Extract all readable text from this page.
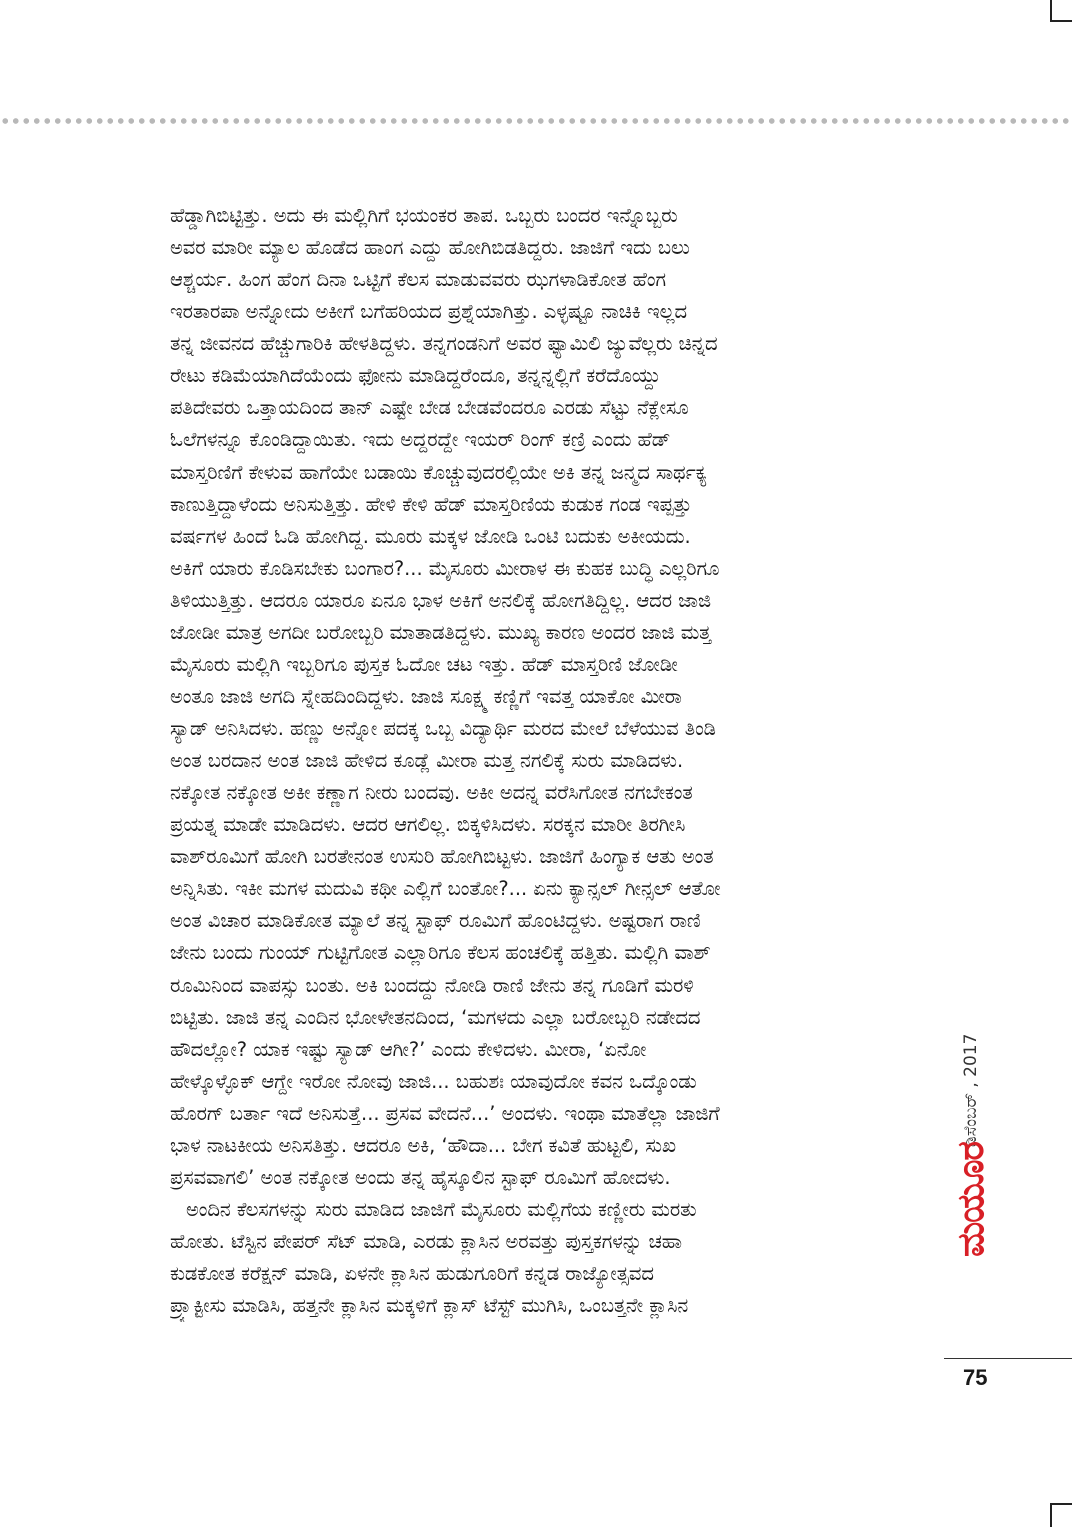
ಹೆಡ್ಡಾಗಿಬಿಟ್ಟಿತ್ತು. ಅದು ಈ ಮಲ್ಲಿಗಿಗೆ ಭಯಂಕರ ತಾಪ. ಒಬ್ಬರು ಬಂದರ ಇನ್ನೊಬ್ಬರು
ಅವರ ಮಾರೀ ಮ್ಯಾಲ ಹೊಡೆದ ಹಾಂಗ ಎದ್ದು ಹೋಗಿಬಿಡತಿದ್ದರು. ಜಾಜಿಗೆ ಇದು ಬಲು
ಆಶ್ಚರ್ಯ. ಹಿಂಗ ಹೆಂಗ ದಿನಾ ಒಟ್ಟಿಗೆ ಕೆಲಸ ಮಾಡುವವರು ಝಗಳಾಡಿಕೋತ ಹೆಂಗ
ಇರತಾರಪಾ ಅನ್ನೋದು ಅಕೀಗೆ ಬಗೆಹರಿಯದ ಪ್ರಶ್ನೆಯಾಗಿತ್ತು. ಎಳ್ಳಷ್ಟೂ ನಾಚಿಕಿ ಇಲ್ಲದ
ತನ್ನ ಜೀವನದ ಹೆಚ್ಚುಗಾರಿಕಿ ಹೇಳತಿದ್ದಳು. ತನ್ನಗಂಡನಿಗೆ ಅವರ ಫ್ಯಾಮಿಲಿ ಜ್ಯುವೆಲ್ಲರು ಚಿನ್ನದ
ರೇಟು ಕಡಿಮೆಯಾಗಿದೆಯೆಂದು ಫೋನು ಮಾಡಿದ್ದರೆಂದೂ, ತನ್ನನ್ನಲ್ಲಿಗೆ ಕರೆದೊಯ್ದು
ಪತಿದೇವರು ಒತ್ತಾಯದಿಂದ ತಾನ್ ಎಷ್ಟೇ ಬೇಡ ಬೇಡವೆಂದರೂ ಎರಡು ಸೆಟ್ಟು ನೆಕ್ಲೇಸೂ
ಓಲೆಗಳನ್ನೂ ಕೊಂಡಿದ್ದಾಯಿತು. ಇದು ಅದ್ದರದ್ದೇ ಇಯರ್ ರಿಂಗ್ ಕಣ್ರಿ ಎಂದು ಹೆಡ್
ಮಾಸ್ತರಿಣಿಗೆ ಕೇಳುವ ಹಾಗೆಯೇ ಬಡಾಯಿ ಕೊಚ್ಚುವುದರಲ್ಲಿಯೇ ಅಕಿ ತನ್ನ ಜನ್ಮದ ಸಾರ್ಥಕ್ಯ
ಕಾಣುತ್ತಿದ್ದಾಳೆಂದು ಅನಿಸುತ್ತಿತ್ತು. ಹೇಳಿ ಕೇಳಿ ಹೆಡ್ ಮಾಸ್ತರಿಣಿಯ ಕುಡುಕ ಗಂಡ ಇಪ್ಪತ್ತು
ವರ್ಷಗಳ ಹಿಂದೆ ಓಡಿ ಹೋಗಿದ್ದ. ಮೂರು ಮಕ್ಕಳ ಜೋಡಿ ಒಂಟಿ ಬದುಕು ಅಕೀಯದು.
ಅಕಿಗೆ ಯಾರು ಕೊಡಿಸಬೇಕು ಬಂಗಾರ?... ಮೈಸೂರು ಮೀರಾಳ ಈ ಕುಹಕ ಬುದ್ಧಿ ಎಲ್ಲರಿಗೂ
ತಿಳಿಯುತ್ತಿತ್ತು. ಆದರೂ ಯಾರೂ ಏನೂ ಭಾಳ ಅಕಿಗೆ ಅನಲಿಕ್ಕೆ ಹೋಗತಿದ್ದಿಲ್ಲ. ಆದರ ಜಾಜಿ
ಜೋಡೀ ಮಾತ್ರ ಅಗದೀ ಬರೋಬ್ಬರಿ ಮಾತಾಡತಿದ್ದಳು. ಮುಖ್ಯ ಕಾರಣ ಅಂದರ ಜಾಜಿ ಮತ್ತ
ಮೈಸೂರು ಮಲ್ಲಿಗಿ ಇಬ್ಬರಿಗೂ ಪುಸ್ತಕ ಓದೋ ಚಟ ಇತ್ತು. ಹೆಡ್ ಮಾಸ್ತರಿಣಿ ಜೋಡೀ
ಅಂತೂ ಜಾಜಿ ಅಗದಿ ಸ್ನೇಹದಿಂದಿದ್ದಳು. ಜಾಜಿ ಸೂಕ್ಷ್ಮ ಕಣ್ಣಿಗೆ ಇವತ್ತ ಯಾಕೋ ಮೀರಾ
ಸ್ಯಾಡ್ ಅನಿಸಿದಳು. ಹಣ್ಣು ಅನ್ನೋ ಪದಕ್ಕ ಒಬ್ಬ ವಿದ್ಯಾರ್ಥಿ ಮರದ ಮೇಲೆ ಬೆಳೆಯುವ ತಿಂಡಿ
ಅಂತ ಬರದಾನ ಅಂತ ಜಾಜಿ ಹೇಳಿದ ಕೂಡ್ಲೆ ಮೀರಾ ಮತ್ತ ನಗಲಿಕ್ಕೆ ಸುರು ಮಾಡಿದಳು.
ನಕ್ಕೋತ ನಕ್ಕೋತ ಅಕೀ ಕಣ್ಣಾಗ ನೀರು ಬಂದವು. ಅಕೀ ಅದನ್ನ ವರೆಸಿಗೋತ ನಗಬೇಕಂತ
ಪ್ರಯತ್ನ ಮಾಡೇ ಮಾಡಿದಳು. ಆದರ ಆಗಲಿಲ್ಲ. ಬಿಕ್ಕಳಿಸಿದಳು. ಸರಕ್ಕನ ಮಾರೀ ತಿರಗೀಸಿ
ವಾಶ್‌ರೂಮಿಗೆ ಹೋಗಿ ಬರತೇನಂತ ಉಸುರಿ ಹೋಗಿಬಿಟ್ಟಳು. ಜಾಜಿಗೆ ಹಿಂಗ್ಯಾಕ ಆತು ಅಂತ
ಅನ್ನಿಸಿತು. ಇಕೀ ಮಗಳ ಮದುವಿ ಕಥೀ ಎಲ್ಲಿಗೆ ಬಂತೋ?... ಏನು ಕ್ಯಾನ್ಸಲ್ ಗೀನ್ಸಲ್ ಆತೋ
ಅಂತ ವಿಚಾರ ಮಾಡಿಕೋತ ಮ್ಯಾಲೆ ತನ್ನ ಸ್ಟಾಫ್ ರೂಮಿಗೆ ಹೊಂಟಿದ್ದಳು. ಅಷ್ಟರಾಗ ರಾಣಿ
ಜೇನು ಬಂದು ಗುಂಯ್ ಗುಟ್ಟಿಗೋತ ಎಲ್ಲಾರಿಗೂ ಕೆಲಸ ಹಂಚಲಿಕ್ಕೆ ಹತ್ತಿತು. ಮಲ್ಲಿಗಿ ವಾಶ್
ರೂಮಿನಿಂದ ವಾಪಸ್ಸು ಬಂತು. ಅಕಿ ಬಂದದ್ದು ನೋಡಿ ರಾಣಿ ಜೇನು ತನ್ನ ಗೂಡಿಗೆ ಮರಳಿ
ಬಿಟ್ಟಿತು. ಜಾಜಿ ತನ್ನ ಎಂದಿನ ಭೋಳೇತನದಿಂದ, ‘ಮಗಳದು ಎಲ್ಲಾ ಬರೋಬ್ಬರಿ ನಡೇದದ
ಹೌದಲ್ಲೋ? ಯಾಕ ಇಷ್ಟು ಸ್ಯಾಡ್ ಆಗೀ?’ ಎಂದು ಕೇಳಿದಳು. ಮೀರಾ, ‘ಏನೋ
ಹೇಳ್ಕೊಳ್ಳೊಕ್ ಆಗ್ದೇ ಇರೋ ನೋವು ಜಾಜಿ... ಬಹುಶಃ ಯಾವುದೋ ಕವನ ಒದ್ಕೊಂಡು
ಹೊರಗ್ ಬರ್ತಾ ಇದೆ ಅನಿಸುತ್ತೆ... ಪ್ರಸವ ವೇದನೆ...’ ಅಂದಳು. ಇಂಥಾ ಮಾತೆಲ್ಲಾ ಜಾಜಿಗೆ
ಭಾಳ ನಾಟಕೀಯ ಅನಿಸತಿತ್ತು. ಆದರೂ ಅಕಿ, ‘ಹೌದಾ... ಬೇಗ ಕವಿತೆ ಹುಟ್ಟಲಿ, ಸುಖ
ಪ್ರಸವವಾಗಲಿ’ ಅಂತ ನಕ್ಕೋತ ಅಂದು ತನ್ನ ಹೈಸ್ಕೂಲಿನ ಸ್ಟಾಫ್ ರೂಮಿಗೆ ಹೋದಳು.
ಅಂದಿನ ಕೆಲಸಗಳನ್ನು ಸುರು ಮಾಡಿದ ಜಾಜಿಗೆ ಮೈಸೂರು ಮಲ್ಲಿಗೆಯ ಕಣ್ಣೀರು ಮರತು
ಹೋತು. ಟೆಸ್ಟಿನ ಪೇಪರ್ ಸೆಟ್ ಮಾಡಿ, ಎರಡು ಕ್ಲಾಸಿನ ಅರವತ್ತು ಪುಸ್ತಕಗಳನ್ನು ಚಹಾ
ಕುಡಕೋತ ಕರೆಕ್ಷನ್ ಮಾಡಿ, ಏಳನೇ ಕ್ಲಾಸಿನ ಹುಡುಗೂರಿಗೆ ಕನ್ನಡ ರಾಜ್ಯೋತ್ಸವದ
ಪ್ರ್ಯಾಕ್ಟೀಸು ಮಾಡಿಸಿ, ಹತ್ತನೇ ಕ್ಲಾಸಿನ ಮಕ್ಕಳಿಗೆ ಕ್ಲಾಸ್ ಟೆಸ್ಟ್ ಮುಗಿಸಿ, ಒಂಬತ್ತನೇ ಕ್ಲಾಸಿನ
ಡಿಸೆಂಬರ್ , 2017
ಮಯೂರ
75
